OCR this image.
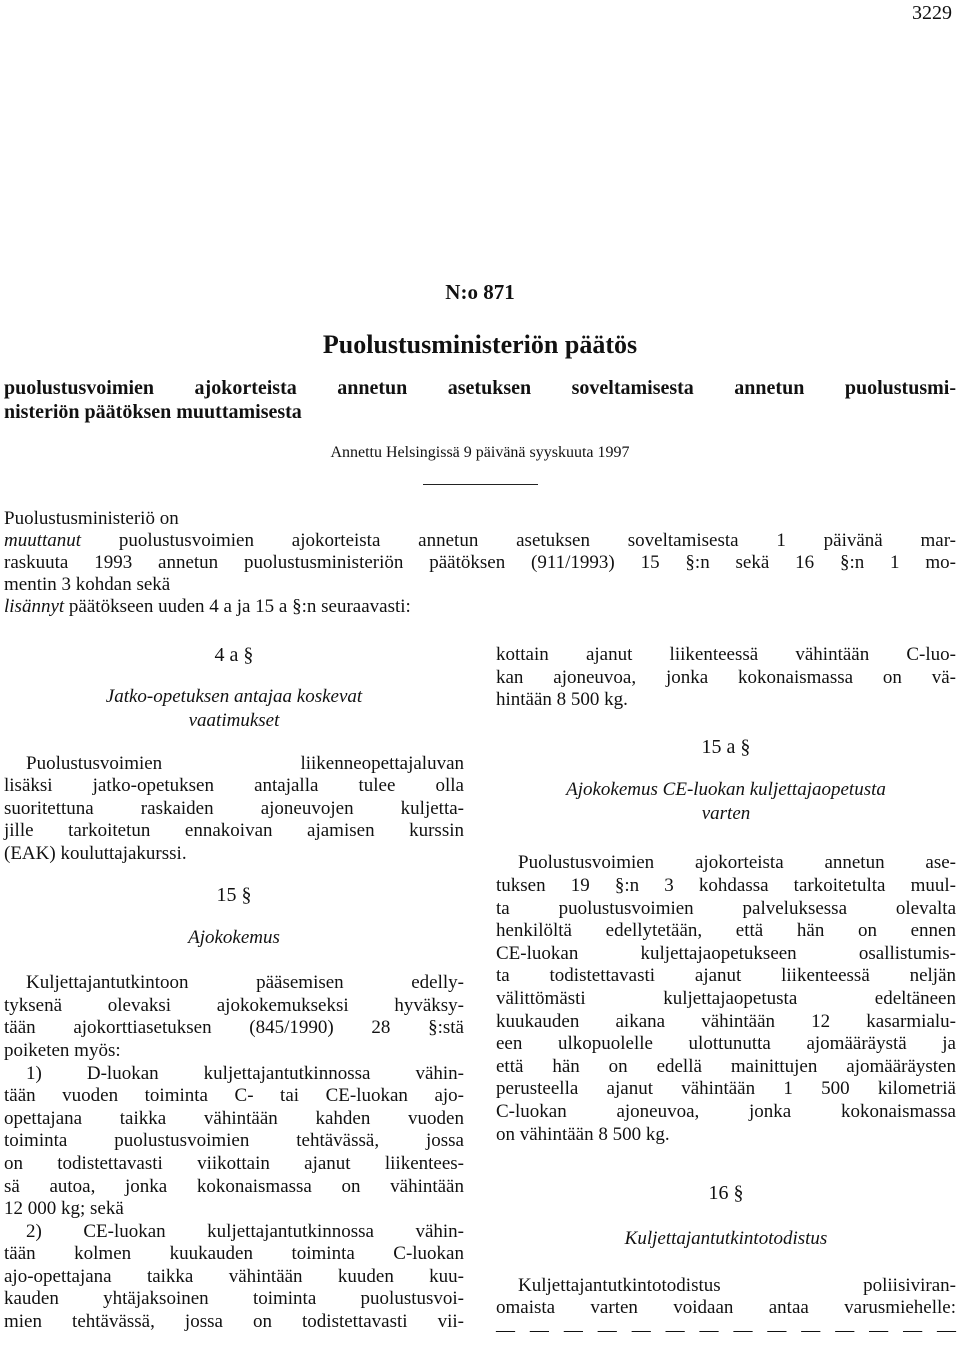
3229
N:o 871
Puolustusministeriön päätös
puolustusvoimien ajokorteista annetun asetuksen soveltamisesta annetun puolustusmi-
nisteriön päätöksen muuttamisesta
Annettu Helsingissä 9 päivänä syyskuuta 1997
Puolustusministeriö on
muuttanut puolustusvoimien ajokorteista annetun asetuksen soveltamisesta 1 päivänä mar-
raskuuta 1993 annetun puolustusministeriön päätöksen (911/1993) 15 §:n sekä 16 §:n 1 mo-
mentin 3 kohdan sekä
lisännyt päätökseen uuden 4 a ja 15 a §:n seuraavasti:
4 a §
Jatko-opetuksen antajaa koskevat
vaatimukset
Puolustusvoimien liikenneopettajaluvan
lisäksi jatko-opetuksen antajalla tulee olla
suoritettuna raskaiden ajoneuvojen kuljetta-
jille tarkoitetun ennakoivan ajamisen kurssin
(EAK) kouluttajakurssi.
15 §
Ajokokemus
Kuljettajantutkintoon pääsemisen edelly-
tyksenä olevaksi ajokokemukseksi hyväksy-
tään ajokorttiasetuksen (845/1990) 28 §:stä
poiketen myös:
1) D-luokan kuljettajantutkinnossa vähin-
tään vuoden toiminta C- tai CE-luokan ajo-
opettajana taikka vähintään kahden vuoden
toiminta puolustusvoimien tehtävässä, jossa
on todistettavasti viikottain ajanut liikentees-
sä autoa, jonka kokonaismassa on vähintään
12 000 kg; sekä
2) CE-luokan kuljettajantutkinnossa vähin-
tään kolmen kuukauden toiminta C-luokan
ajo-opettajana taikka vähintään kuuden kuu-
kauden yhtäjaksoinen toiminta puolustusvoi-
mien tehtävässä, jossa on todistettavasti vii-
kottain ajanut liikenteessä vähintään C-luo-
kan ajoneuvoa, jonka kokonaismassa on vä-
hintään 8 500 kg.
15 a §
Ajokokemus CE-luokan kuljettajaopetusta
varten
Puolustusvoimien ajokorteista annetun ase-
tuksen 19 §:n 3 kohdassa tarkoitetulta muul-
ta puolustusvoimien palveluksessa olevalta
henkilöltä edellytetään, että hän on ennen
CE-luokan kuljettajaopetukseen osallistumis-
ta todistettavasti ajanut liikenteessä neljän
välittömästi kuljettajaopetusta edeltäneen
kuukauden aikana vähintään 12 kasarmialu-
een ulkopuolelle ulottunutta ajomääräystä ja
että hän on edellä mainittujen ajomääräysten
perusteella ajanut vähintään 1 500 kilometriä
C-luokan ajoneuvoa, jonka kokonaismassa
on vähintään 8 500 kg.
16 §
Kuljettajantutkintotodistus
Kuljettajantutkintotodistus poliisiviran-
omaista varten voidaan antaa varusmiehelle:
— — — — — — — — — — — — — —
